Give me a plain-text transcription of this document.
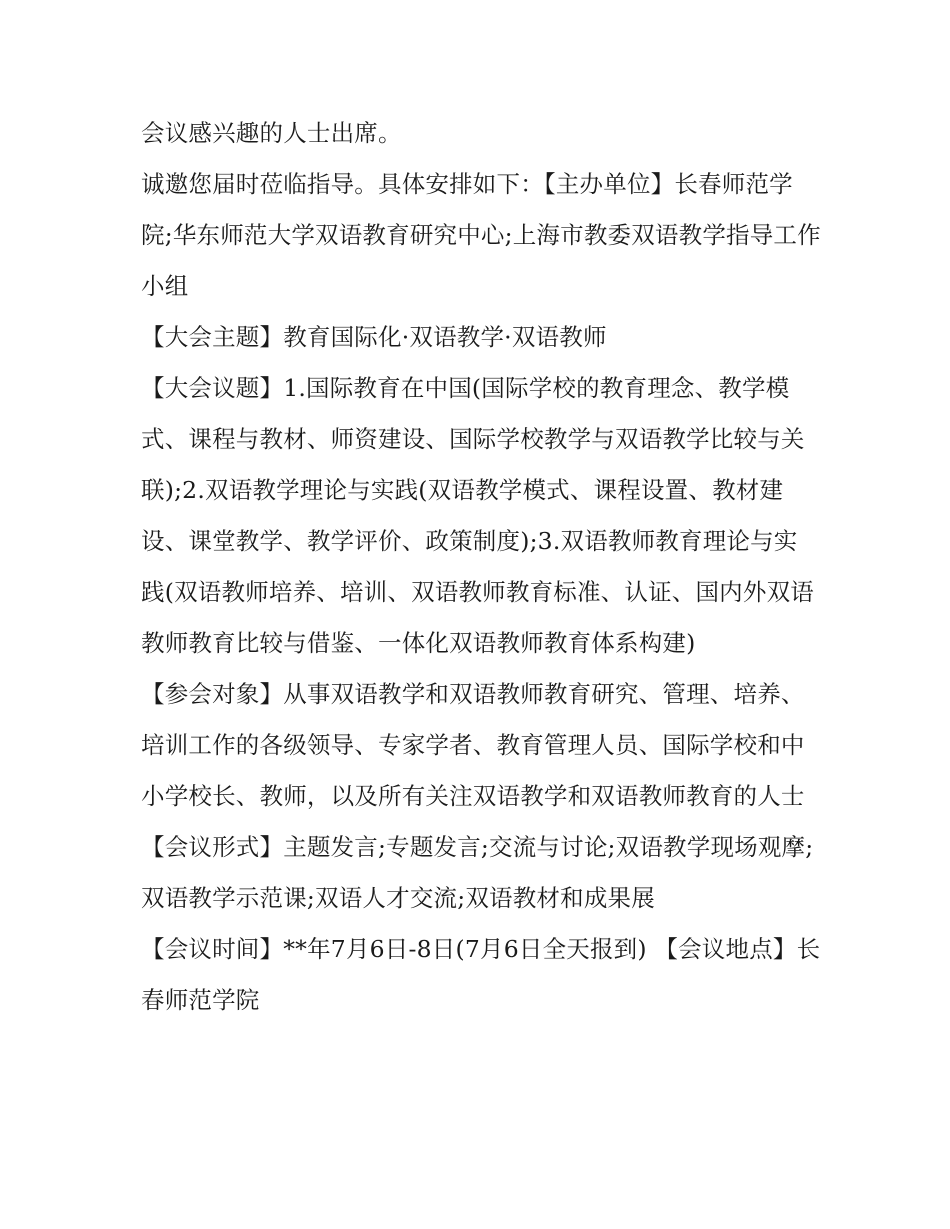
会议感兴趣的人士出席。

诚邀您届时莅临指导。具体安排如下：【主办单位】长春师范学院;华东师范大学双语教育研究中心;上海市教委双语教学指导工作小组

【大会主题】教育国际化·双语教学·双语教师

【大会议题】1.国际教育在中国(国际学校的教育理念、教学模式、课程与教材、师资建设、国际学校教学与双语教学比较与关联);2.双语教学理论与实践(双语教学模式、课程设置、教材建设、课堂教学、教学评价、政策制度);3.双语教师教育理论与实践(双语教师培养、培训、双语教师教育标准、认证、国内外双语教师教育比较与借鉴、一体化双语教师教育体系构建)

【参会对象】从事双语教学和双语教师教育研究、管理、培养、培训工作的各级领导、专家学者、教育管理人员、国际学校和中小学校长、教师，以及所有关注双语教学和双语教师教育的人士

【会议形式】主题发言;专题发言;交流与讨论;双语教学现场观摩;双语教学示范课;双语人才交流;双语教材和成果展

【会议时间】**年7月6日-8日(7月6日全天报到) 【会议地点】长春师范学院
